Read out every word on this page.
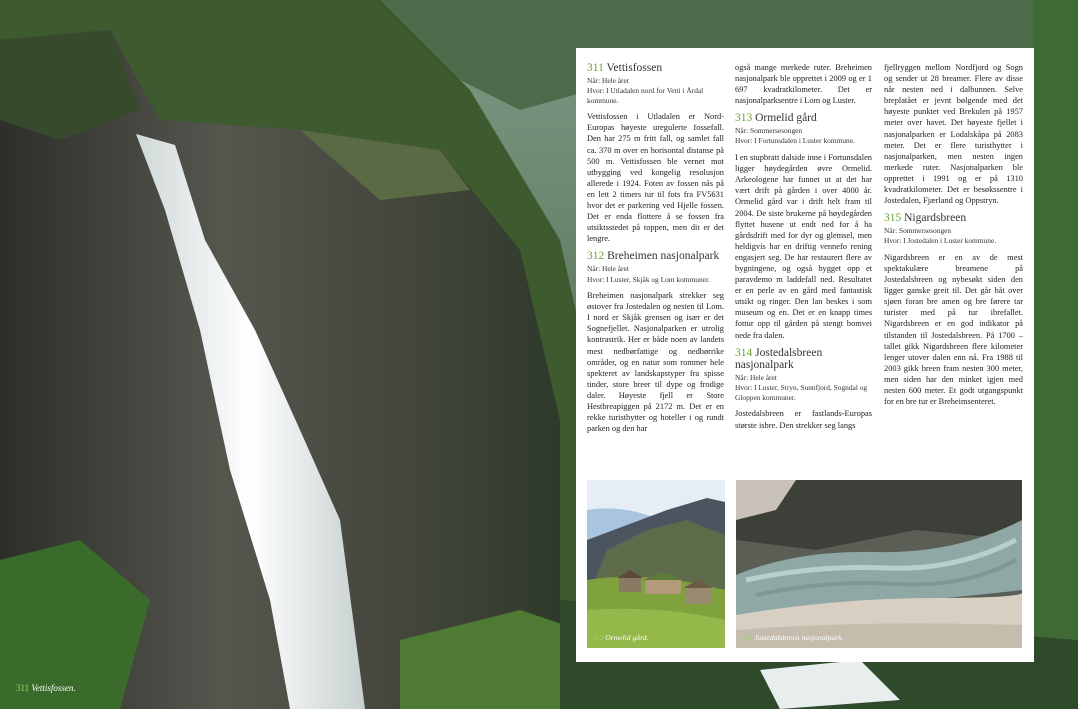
311 Vettisfossen.
311 Vettisfossen

Når: Hele året

Hvor: I Utladalen nord for Vetti i Årdal kommune.

Vettisfossen i Utladalen er Nord-Europas høyeste uregulerte fossefall. Den har 275 m fritt fall, og samlet fall ca. 370 m over en horisontal distanse på 500 m. Vettisfossen ble vernet mot utbygging ved kongelig resolusjon allerede i 1924. Foten av fossen nås på en lett 2 timers tur til fots fra FV5631 hvor det er parkering ved Hjelle fossen. Det er enda flottere å se fossen fra utsiktsstedet på toppen, men dit er det lengre.

312 Breheimen nasjonalpark

Når: Hele året

Hvor: I Luster, Skjåk og Lom kommuner.

Breheimen nasjonalpark strekker seg østover fra Jostedalen og nesten til Lom. I nord er Skjåk grensen og især er det Sognefjellet. Nasjonalparken er utrolig kontrastrik. Her er både noen av landets mest nedbørfattige og nedbørrike områder, og en natur som rommer hele spekteret av landskapstyper fra spisse tinder, store breer til dype og frodige daler. Høyeste fjell er Store Hestbreapiggen på 2172 m. Det er en rekke turisthytter og hoteller i og rundt parken og den har

også mange merkede ruter. Breheimen nasjonalpark ble opprettet i 2009 og er 1 697 kvadratkilometer. Det er nasjonalparksentre i Lom og Luster.

313 Ormelid gård

Når: Sommersesongen

Hvor: I Fortunsdalen i Luster kommune.

I en stupbratt dalside inne i Fortunsdalen ligger høydegården øvre Ormelid. Arkeologene har funnet ut at det har vært drift på gården i over 4000 år. Ormelid gård var i drift helt fram til 2004. De siste brukerne på høydegården flyttet husene ut endt ned for å ha gårdsdrift med for dyr og glemsel, men heldigvis har en driftig vennefo rening engasjert seg. De har restaurert flere av bygningene, og også bygget opp et paravdemo m laddefall ned. Resultatet er en perle av en gård med fantastisk utsikt og ringer. Den lan beskes i som museum og en. Det er en knapp times fottur opp til gården på stengt bomvei nede fra dalen.

314 Jostedalsbreen nasjonalpark

Når: Hele året

Hvor: I Luster, Stryn, Sunnfjord, Sogndal og Gloppen kommuner.

Jostedalsbreen er fastlands-Europas største isbre. Den strekker seg langs

fjellryggen mellom Nordfjord og Sogn og sender ut 28 breamer. Flere av disse når nesten ned i dalbunnen. Selve breplatået er jevnt bølgende med det høyeste punktet ved Brekulen på 1957 meter over havet. Det høyeste fjellet i nasjonalparken er Lodalskåpa på 2083 meter. Det er flere turisthytter i nasjonalparken, men nesten ingen merkede ruter. Nasjonalparken ble opprettet i 1991 og er på 1310 kvadratkilometer. Det er besøkssentre i Jostedalen, Fjærland og Oppstryn.

315 Nigardsbreen

Når: Sommersesongen

Hvor: I Jostedalen i Luster kommune.

Nigardsbreen er en av de mest spektakulære breamene på Jostedalsbreen og nybesøkt siden den ligger ganske greit til. Det går båt over sjøen foran bre amen og bre førere tar turister med på tur ibrefallet. Nigardsbreen er en god indikator på tilstanden til Jostedalsbreen. På 1700 – tallet gikk Nigardsbreen flere kilometer lenger utover dalen enn nå. Fra 1988 til 2003 gikk breen fram nesten 300 meter, men siden har den minket igjen med nesten 600 meter. Et godt utgangspunkt for en bre tur er Breheimsenteret.

313 Ormelid gård.	314 Jostedalsbreen nasjonalpark.
